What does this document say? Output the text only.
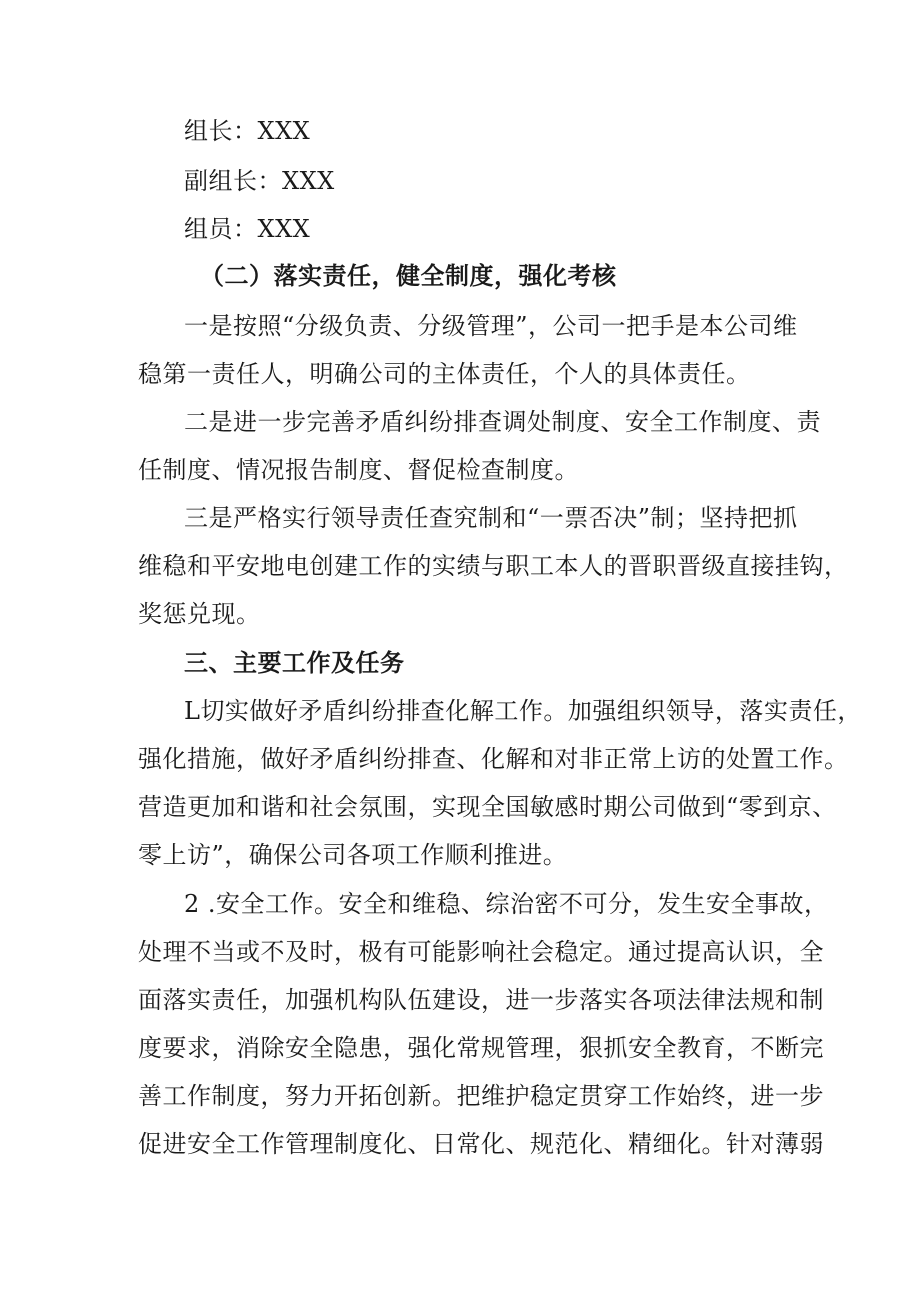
组长：XXX
副组长：XXX
组员：XXX
（二）落实责任，健全制度，强化考核
一是按照“分级负责、分级管理”，公司一把手是本公司维
稳第一责任人，明确公司的主体责任，个人的具体责任。
二是进一步完善矛盾纠纷排查调处制度、安全工作制度、责
任制度、情况报告制度、督促检查制度。
三是严格实行领导责任查究制和“一票否决”制；坚持把抓
维稳和平安地电创建工作的实绩与职工本人的晋职晋级直接挂钩，
奖惩兑现。
三、主要工作及任务
L切实做好矛盾纠纷排查化解工作。加强组织领导，落实责任，
强化措施，做好矛盾纠纷排查、化解和对非正常上访的处置工作。
营造更加和谐和社会氛围，实现全国敏感时期公司做到“零到京、
零上访”，确保公司各项工作顺利推进。
2 .安全工作。安全和维稳、综治密不可分，发生安全事故，
处理不当或不及时，极有可能影响社会稳定。通过提高认识，全
面落实责任，加强机构队伍建设，进一步落实各项法律法规和制
度要求，消除安全隐患，强化常规管理，狠抓安全教育，不断完
善工作制度，努力开拓创新。把维护稳定贯穿工作始终，进一步
促进安全工作管理制度化、日常化、规范化、精细化。针对薄弱
